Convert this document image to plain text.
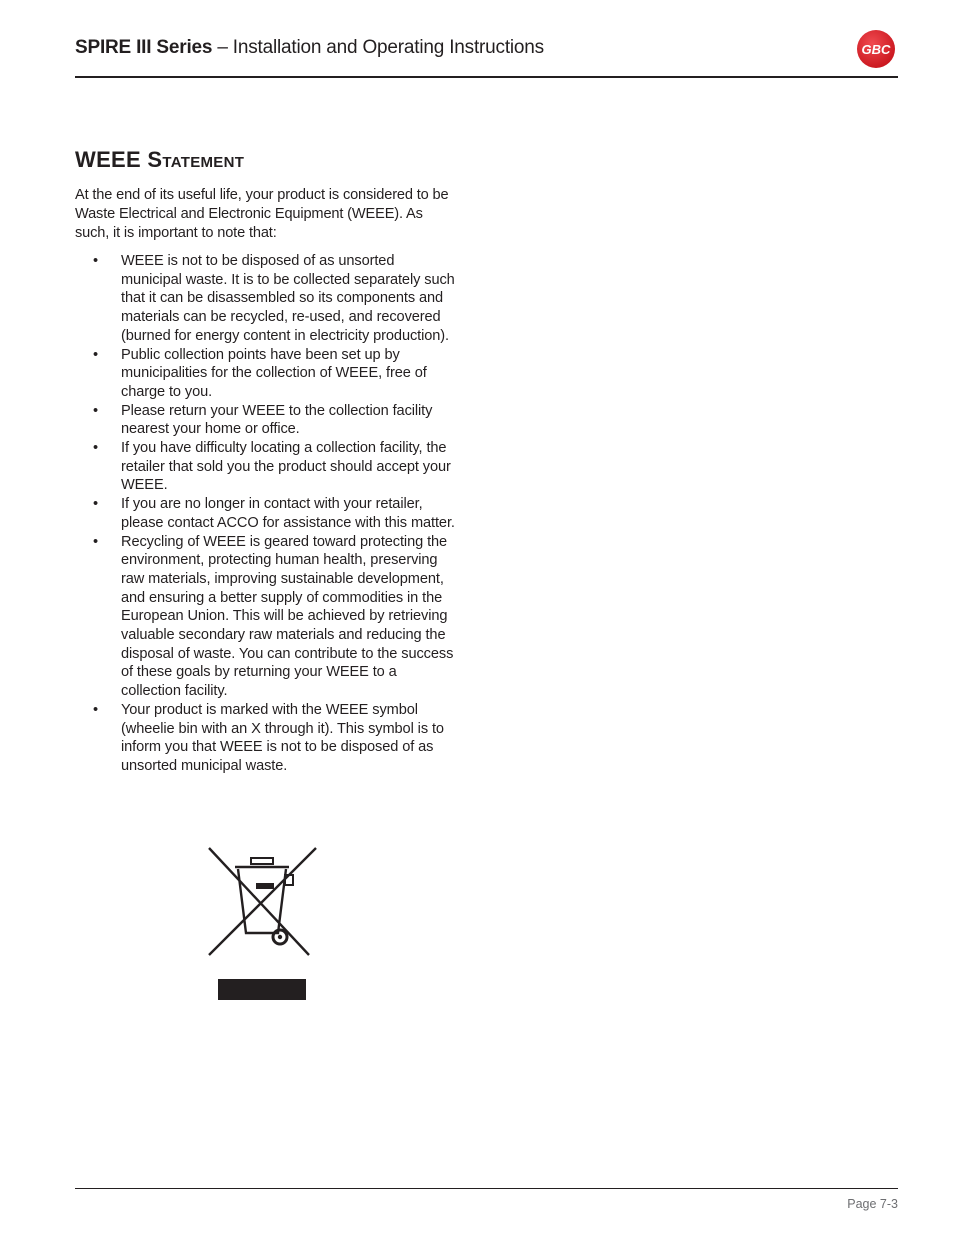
SPIRE III Series – Installation and Operating Instructions	GBC
WEEE Statement
At the end of its useful life, your product is considered to be Waste Electrical and Electronic Equipment (WEEE). As such, it is important to note that:
• WEEE is not to be disposed of as unsorted municipal waste. It is to be collected separately such that it can be disassembled so its components and materials can be recycled, re-used, and recovered (burned for energy content in electricity production).
• Public collection points have been set up by municipalities for the collection of WEEE, free of charge to you.
• Please return your WEEE to the collection facility nearest your home or office.
• If you have difficulty locating a collection facility, the retailer that sold you the product should accept your WEEE.
• If you are no longer in contact with your retailer, please contact ACCO for assistance with this matter.
• Recycling of WEEE is geared toward protecting the environment, protecting human health, preserving raw materials, improving sustainable development, and ensuring a better supply of commodities in the European Union. This will be achieved by retrieving valuable secondary raw materials and reducing the disposal of waste. You can contribute to the success of these goals by returning your WEEE to a collection facility.
• Your product is marked with the WEEE symbol (wheelie bin with an X through it). This symbol is to inform you that WEEE is not to be disposed of as unsorted municipal waste.
Page 7-3
